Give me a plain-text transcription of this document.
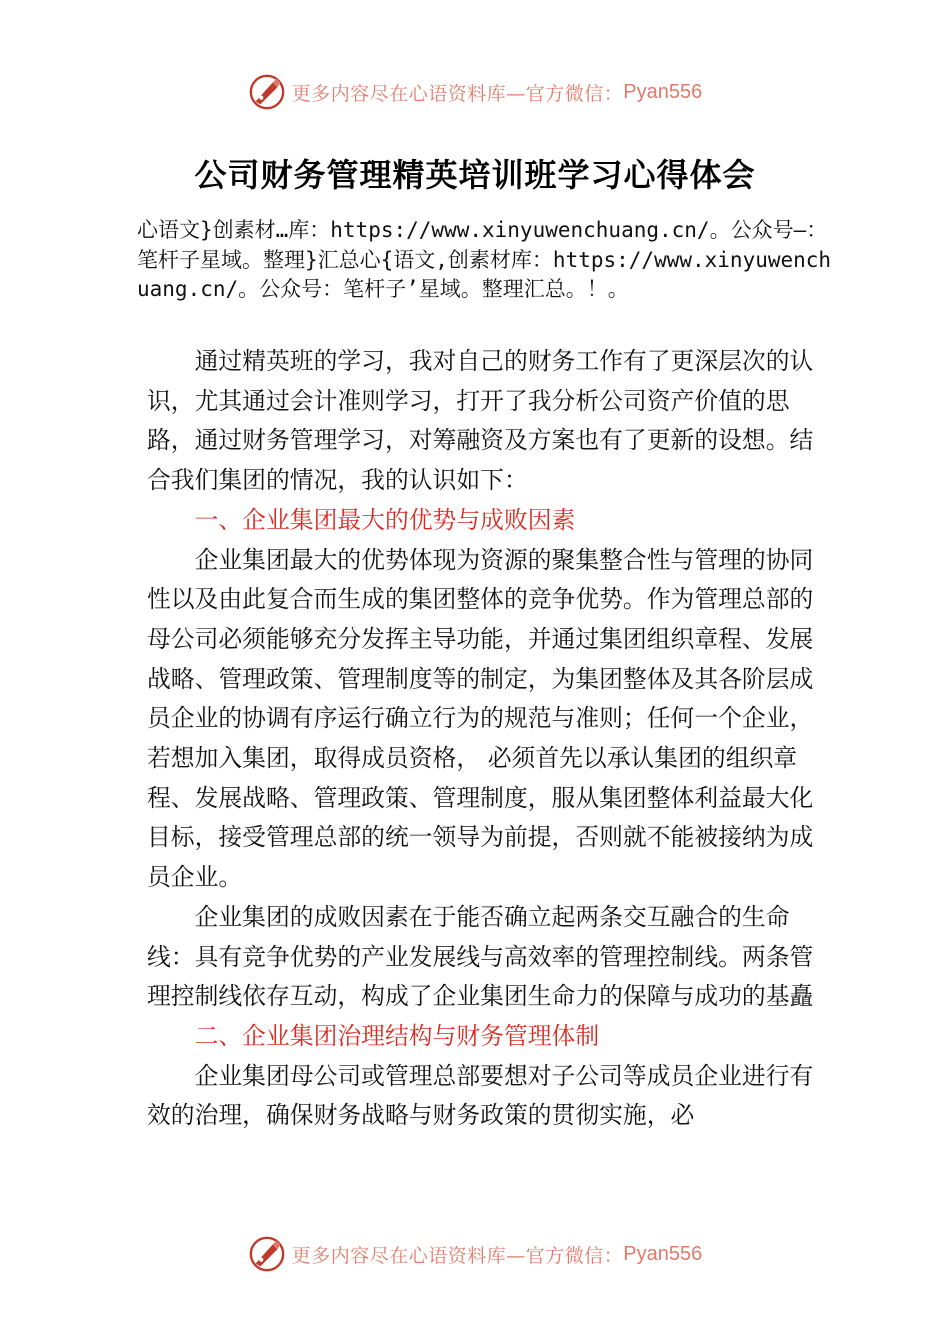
更多内容尽在心语资料库—官方微信： Pyan556
公司财务管理精英培训班学习心得体会
心语文}创素材…库：https://www.xinyuwenchuang.cn/。公众号—：笔杆子星域。整理}汇总心{语文,创素材库：https://www.xinyuwenchuang.cn/。公众号：笔杆子’星域。整理汇总。！。

通过精英班的学习，我对自己的财务工作有了更深层次的认识，尤其通过会计准则学习，打开了我分析公司资产价值的思路，通过财务管理学习，对筹融资及方案也有了更新的设想。结合我们集团的情况，我的认识如下：

一、企业集团最大的优势与成败因素

企业集团最大的优势体现为资源的聚集整合性与管理的协同性以及由此复合而生成的集团整体的竞争优势。作为管理总部的母公司必须能够充分发挥主导功能，并通过集团组织章程、发展战略、管理政策、管理制度等的制定，为集团整体及其各阶层成员企业的协调有序运行确立行为的规范与准则；任何一个企业，若想加入集团，取得成员资格， 必须首先以承认集团的组织章程、发展战略、管理政策、管理制度，服从集团整体利益最大化目标，接受管理总部的统一领导为前提，否则就不能被接纳为成员企业。

企业集团的成败因素在于能否确立起两条交互融合的生命线：具有竞争优势的产业发展线与高效率的管理控制线。两条管理控制线依存互动，构成了企业集团生命力的保障与成功的基矗

二、企业集团治理结构与财务管理体制

企业集团母公司或管理总部要想对子公司等成员企业进行有效的治理，确保财务战略与财务政策的贯彻实施，必

更多内容尽在心语资料库—官方微信： Pyan556
